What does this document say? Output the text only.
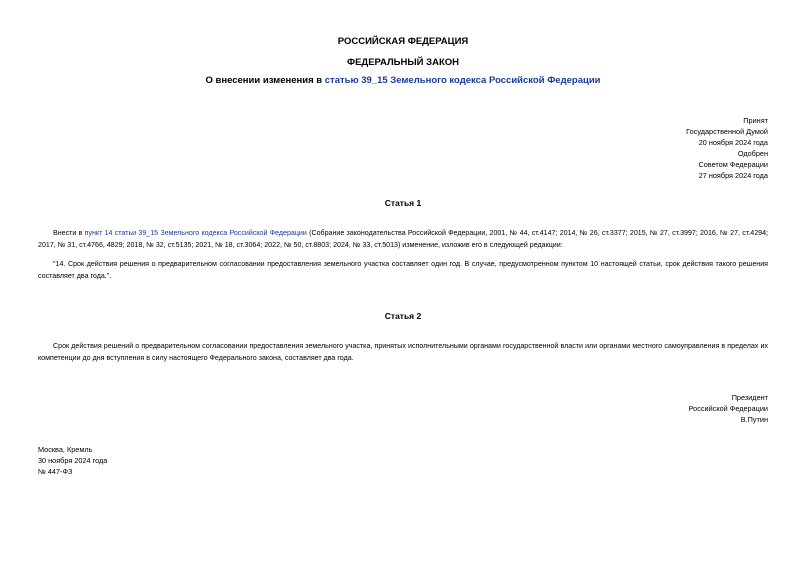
РОССИЙСКАЯ ФЕДЕРАЦИЯ
ФЕДЕРАЛЬНЫЙ ЗАКОН
О внесении изменения в статью 39_15 Земельного кодекса Российской Федерации
Принят
Государственной Думой
20 ноября 2024 года
Одобрен
Советом Федерации
27 ноября 2024 года
Статья 1
Внести в пункт 14 статьи 39_15 Земельного кодекса Российской Федерации (Собрание законодательства Российской Федерации, 2001, № 44, ст.4147; 2014, № 26, ст.3377; 2015, № 27, ст.3997; 2016, № 27, ст.4294; 2017, № 31, ст.4766, 4829; 2018, № 32, ст.5135; 2021, № 18, ст.3064; 2022, № 50, ст.8803; 2024, № 33, ст.5013) изменение, изложив его в следующей редакции:
"14. Срок действия решения о предварительном согласовании предоставления земельного участка составляет один год. В случае, предусмотренном пунктом 10 настоящей статьи, срок действия такого решения составляет два года.".
Статья 2
Срок действия решений о предварительном согласовании предоставления земельного участка, принятых исполнительными органами государственной власти или органами местного самоуправления в пределах их компетенции до дня вступления в силу настоящего Федерального закона, составляет два года.
Президент
Российской Федерации
В.Путин
Москва, Кремль
30 ноября 2024 года
№ 447-ФЗ
